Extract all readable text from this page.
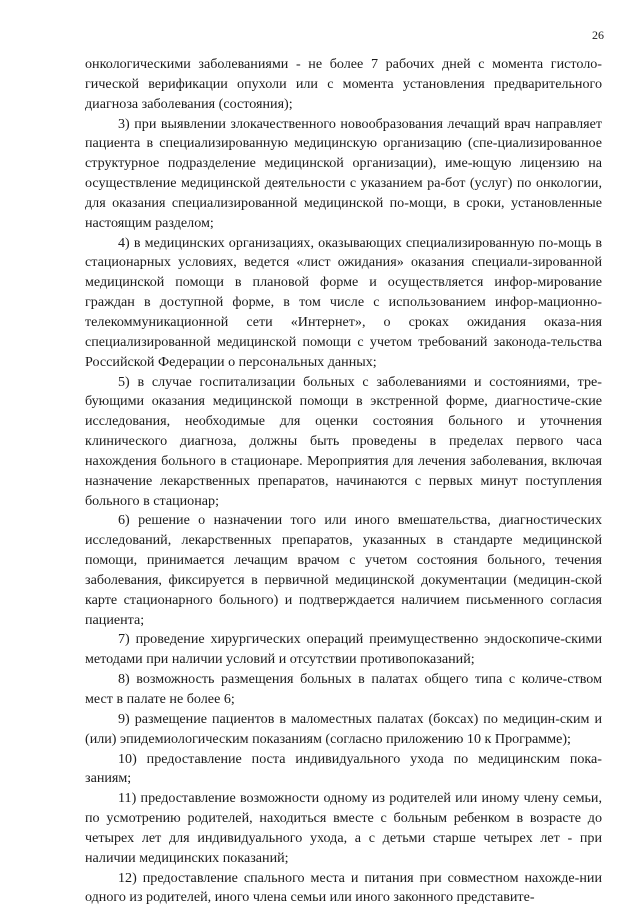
26

онкологическими заболеваниями - не более 7 рабочих дней с момента гистоло-гической верификации опухоли или с момента установления предварительного диагноза заболевания (состояния);

3) при выявлении злокачественного новообразования лечащий врач направляет пациента в специализированную медицинскую организацию (спе-циализированное структурное подразделение медицинской организации), име-ющую лицензию на осуществление медицинской деятельности с указанием ра-бот (услуг) по онкологии, для оказания специализированной медицинской по-мощи, в сроки, установленные настоящим разделом;

4) в медицинских организациях, оказывающих специализированную по-мощь в стационарных условиях, ведется «лист ожидания» оказания специали-зированной медицинской помощи в плановой форме и осуществляется инфор-мирование граждан в доступной форме, в том числе с использованием инфор-мационно-телекоммуникационной сети «Интернет», о сроках ожидания оказа-ния специализированной медицинской помощи с учетом требований законода-тельства Российской Федерации о персональных данных;

5) в случае госпитализации больных с заболеваниями и состояниями, тре-бующими оказания медицинской помощи в экстренной форме, диагностиче-ские исследования, необходимые для оценки состояния больного и уточнения клинического диагноза, должны быть проведены в пределах первого часа нахождения больного в стационаре. Мероприятия для лечения заболевания, включая назначение лекарственных препаратов, начинаются с первых минут поступления больного в стационар;

6) решение о назначении того или иного вмешательства, диагностических исследований, лекарственных препаратов, указанных в стандарте медицинской помощи, принимается лечащим врачом с учетом состояния больного, течения заболевания, фиксируется в первичной медицинской документации (медицин-ской карте стационарного больного) и подтверждается наличием письменного согласия пациента;

7) проведение хирургических операций преимущественно эндоскопиче-скими методами при наличии условий и отсутствии противопоказаний;

8) возможность размещения больных в палатах общего типа с количе-ством мест в палате не более 6;

9) размещение пациентов в маломестных палатах (боксах) по медицин-ским и (или) эпидемиологическим показаниям (согласно приложению 10 к Программе);

10) предоставление поста индивидуального ухода по медицинским пока-заниям;

11) предоставление возможности одному из родителей или иному члену семьи, по усмотрению родителей, находиться вместе с больным ребенком в возрасте до четырех лет для индивидуального ухода, а с детьми старше четырех лет - при наличии медицинских показаний;

12) предоставление спального места и питания при совместном нахожде-нии одного из родителей, иного члена семьи или иного законного представите-
